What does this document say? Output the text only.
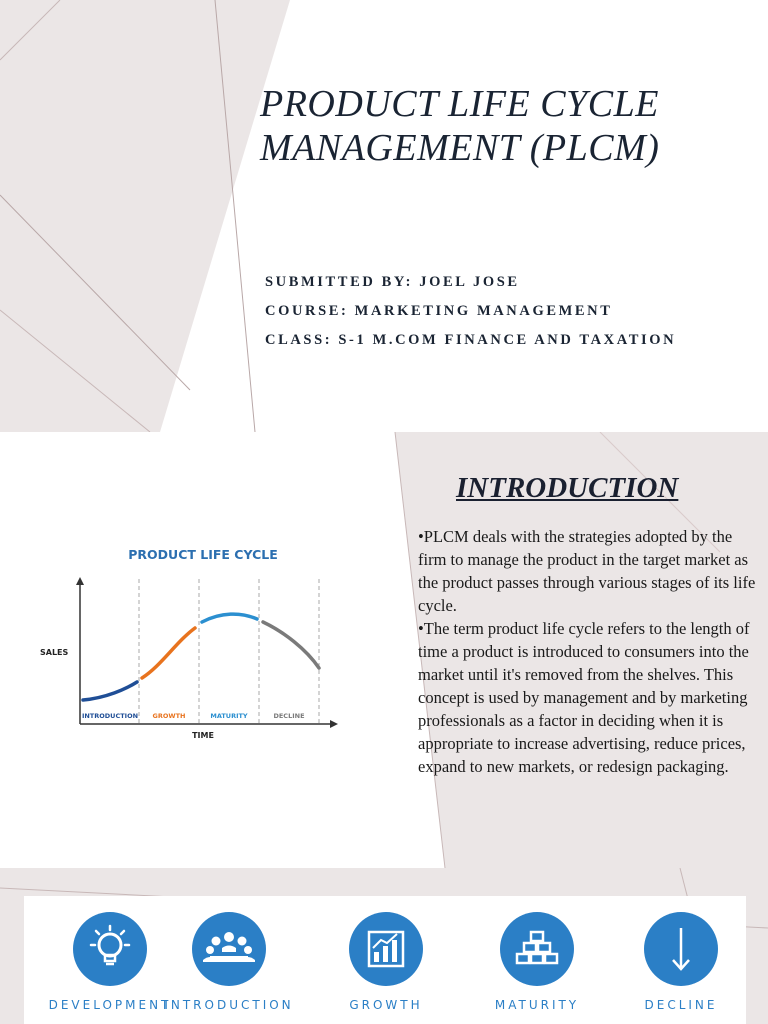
PRODUCT LIFE CYCLE
MANAGEMENT (PLCM)
SUBMITTED BY: JOEL JOSE
COURSE: MARKETING MANAGEMENT
CLASS: S-1 M.COM FINANCE AND TAXATION
PRODUCT LIFE CYCLE
SALES
TIME
INTRODUCTION GROWTH	MATURITY	DECLINE
INTRODUCTION

•PLCM deals with the strategies adopted by the firm to manage the product in the target market as the product passes through various stages of its life cycle.

•The term product life cycle refers to the length of time a product is introduced to consumers into the market until it's removed from the shelves. This concept is used by management and by marketing professionals as a factor in deciding when it is appropriate to increase advertising, reduce prices, expand to new markets, or redesign packaging.

DEVELOPMENT
INTRODUCTION	GROWTH	MATURITY	DECLINE
